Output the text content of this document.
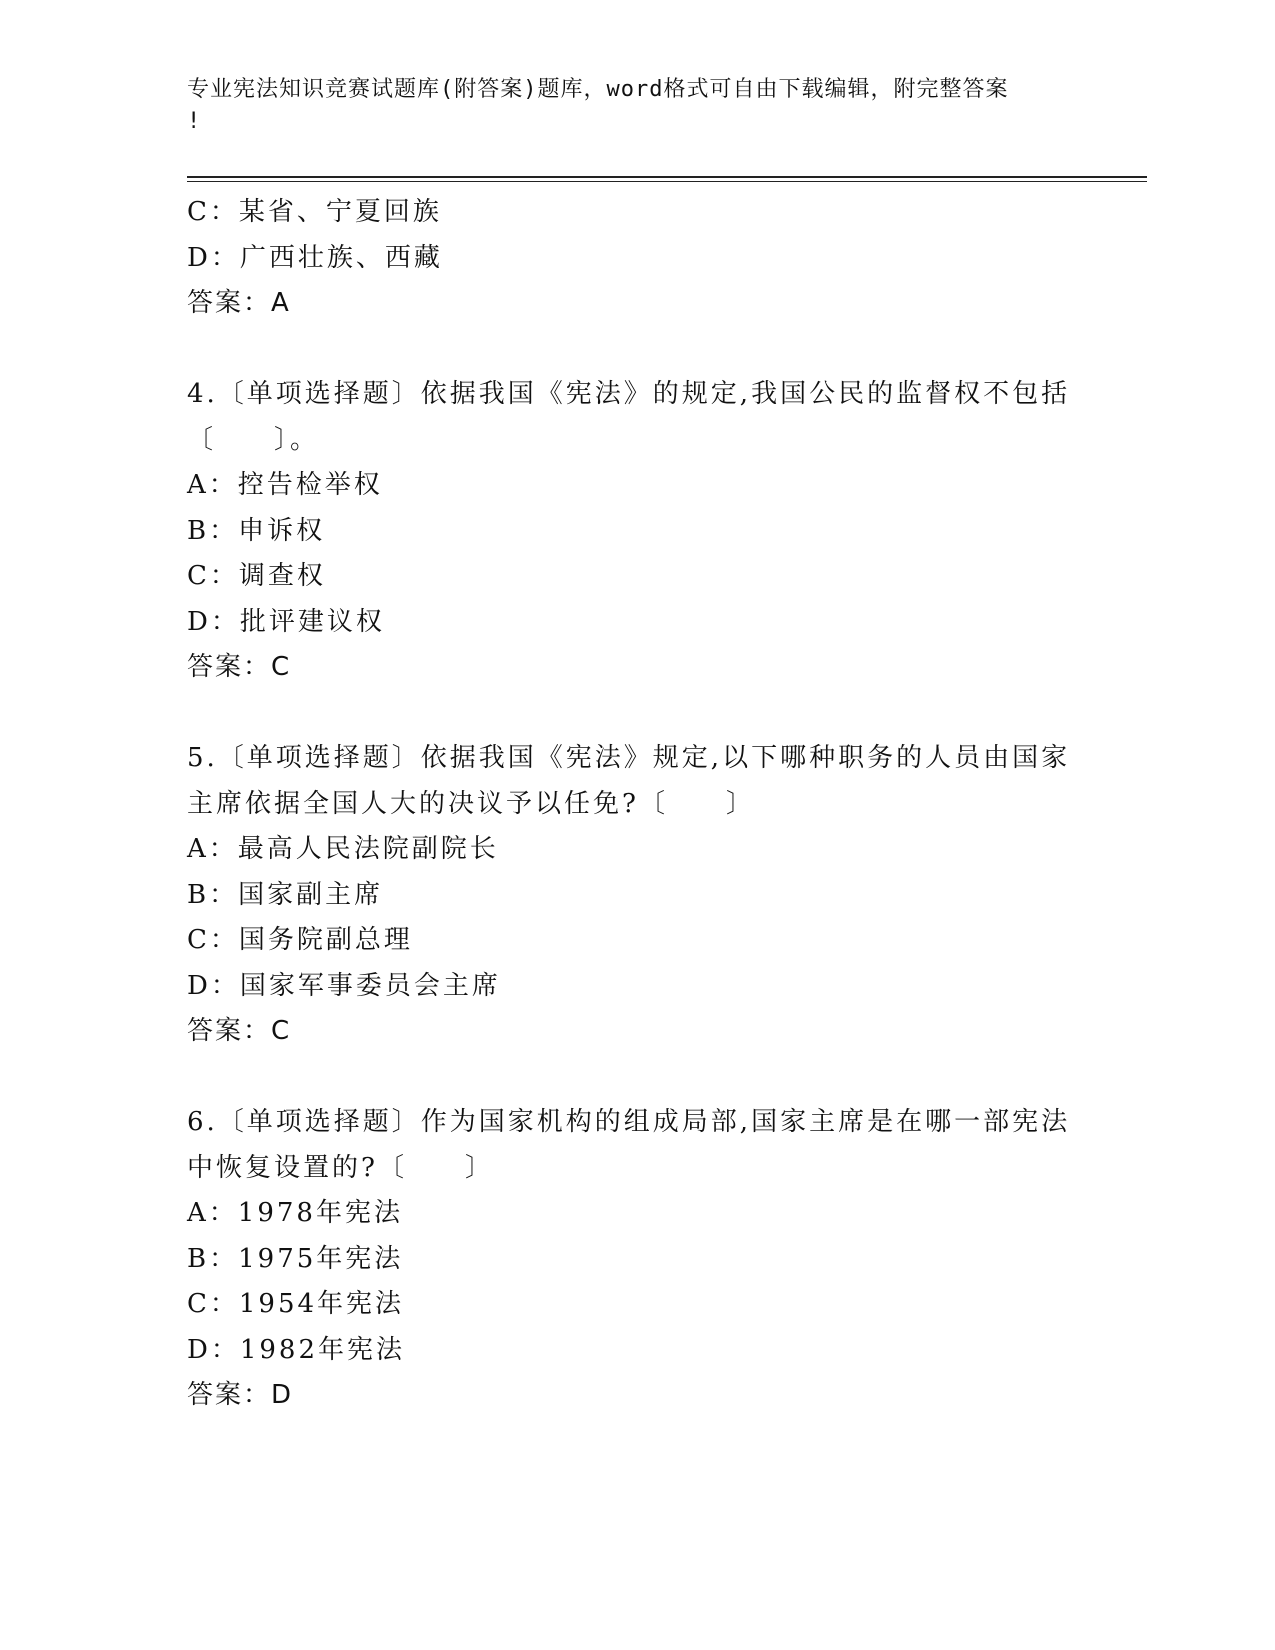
专业宪法知识竞赛试题库(附答案)题库，word格式可自由下载编辑，附完整答案
!
C：某省、宁夏回族
D：广西壮族、西藏
答案：A
4.〔单项选择题〕依据我国《宪法》的规定,我国公民的监督权不包括
〔　　〕。
A：控告检举权
B：申诉权
C：调查权
D：批评建议权
答案：C
5.〔单项选择题〕依据我国《宪法》规定,以下哪种职务的人员由国家
主席依据全国人大的决议予以任免?〔　　〕
A：最高人民法院副院长
B：国家副主席
C：国务院副总理
D：国家军事委员会主席
答案：C
6.〔单项选择题〕作为国家机构的组成局部,国家主席是在哪一部宪法
中恢复设置的?〔　　〕
A：1978年宪法
B：1975年宪法
C：1954年宪法
D：1982年宪法
答案：D
